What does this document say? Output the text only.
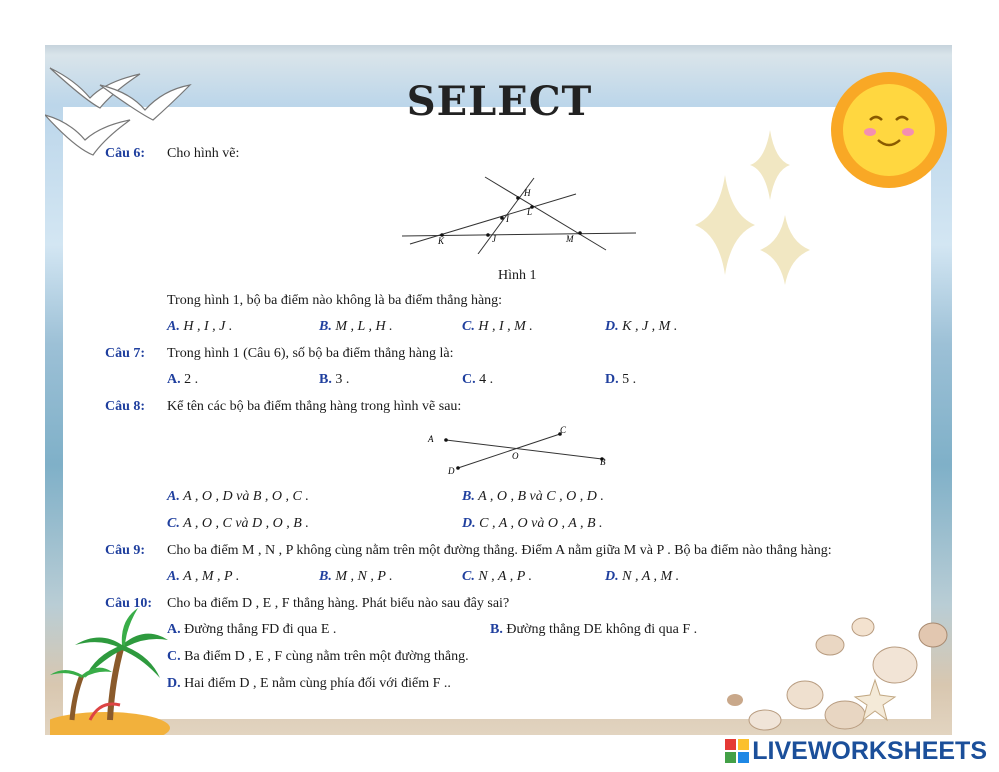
SELECT
Câu 6: Cho hình vẽ:
H
L
I
K	J	M
Hình 1
Trong hình 1, bộ ba điểm nào không là ba điểm thẳng hàng:
A. H , I , J .	B. M , L , H .	C. H , I , M .	D. K , J , M .
Câu 7: Trong hình 1 (Câu 6), số bộ ba điểm thẳng hàng là:
A. 2 .	B. 3 .	C. 4 .	D. 5 .
Câu 8: Kể tên các bộ ba điểm thẳng hàng trong hình vẽ sau:
A
C
O
B
D
A. A , O , D và B , O , C .	B. A , O , B và C , O , D .
C. A , O , C và D , O , B .	D. C , A , O và O , A , B .
Câu 9: Cho ba điểm M , N , P không cùng nằm trên một đường thẳng. Điểm A nằm giữa M và P . Bộ ba điểm nào thẳng hàng:
A. A , M , P .	B. M , N , P .	C. N , A , P .	D. N , A , M .
Câu 10: Cho ba điểm D , E , F thẳng hàng. Phát biểu nào sau đây sai?
A. Đường thẳng FD đi qua E .	B. Đường thẳng DE không đi qua F .
C. Ba điểm D , E , F cùng nằm trên một đường thẳng.
D. Hai điểm D , E nằm cùng phía đối với điểm F ..
LIVEWORKSHEETS
